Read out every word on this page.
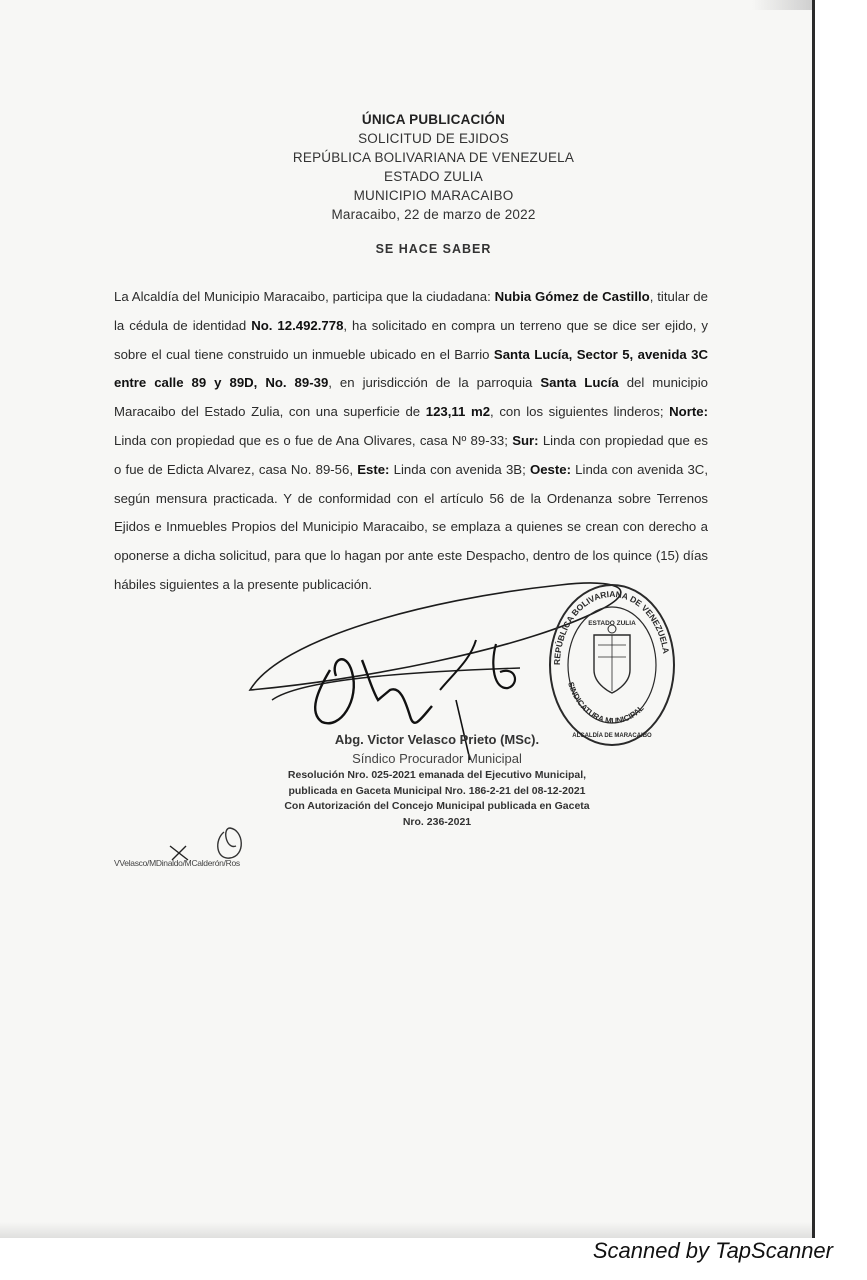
ÚNICA PUBLICACIÓN
SOLICITUD DE EJIDOS
REPÚBLICA BOLIVARIANA DE VENEZUELA
ESTADO ZULIA
MUNICIPIO MARACAIBO
Maracaibo, 22 de marzo de 2022
SE HACE SABER
La Alcaldía del Municipio Maracaibo, participa que la ciudadana: Nubia Gómez de Castillo, titular de la cédula de identidad No. 12.492.778, ha solicitado en compra un terreno que se dice ser ejido, y sobre el cual tiene construido un inmueble ubicado en el Barrio Santa Lucía, Sector 5, avenida 3C entre calle 89 y 89D, No. 89-39, en jurisdicción de la parroquia Santa Lucía del municipio Maracaibo del Estado Zulia, con una superficie de 123,11 m2, con los siguientes linderos; Norte: Linda con propiedad que es o fue de Ana Olivares, casa Nº 89-33; Sur: Linda con propiedad que es o fue de Edicta Alvarez, casa No. 89-56, Este: Linda con avenida 3B; Oeste: Linda con avenida 3C, según mensura practicada. Y de conformidad con el artículo 56 de la Ordenanza sobre Terrenos Ejidos e Inmuebles Propios del Municipio Maracaibo, se emplaza a quienes se crean con derecho a oponerse a dicha solicitud, para que lo hagan por ante este Despacho, dentro de los quince (15) días hábiles siguientes a la presente publicación.
REPÚBLICA BOLIVARIANA DE VENEZUELA
SINDICATURA MUNICIPAL
ESTADO ZULIA
ALCALDÍA DE MARACAIBO
Abg. Victor Velasco Prieto (MSc).
Síndico Procurador Municipal
Resolución Nro. 025-2021 emanada del Ejecutivo Municipal,
publicada en Gaceta Municipal Nro. 186-2-21 del 08-12-2021
Con Autorización del Concejo Municipal publicada en Gaceta
Nro. 236-2021
VVelasco/MDinaldo/MCalderón/Ros
Scanned by TapScanner
